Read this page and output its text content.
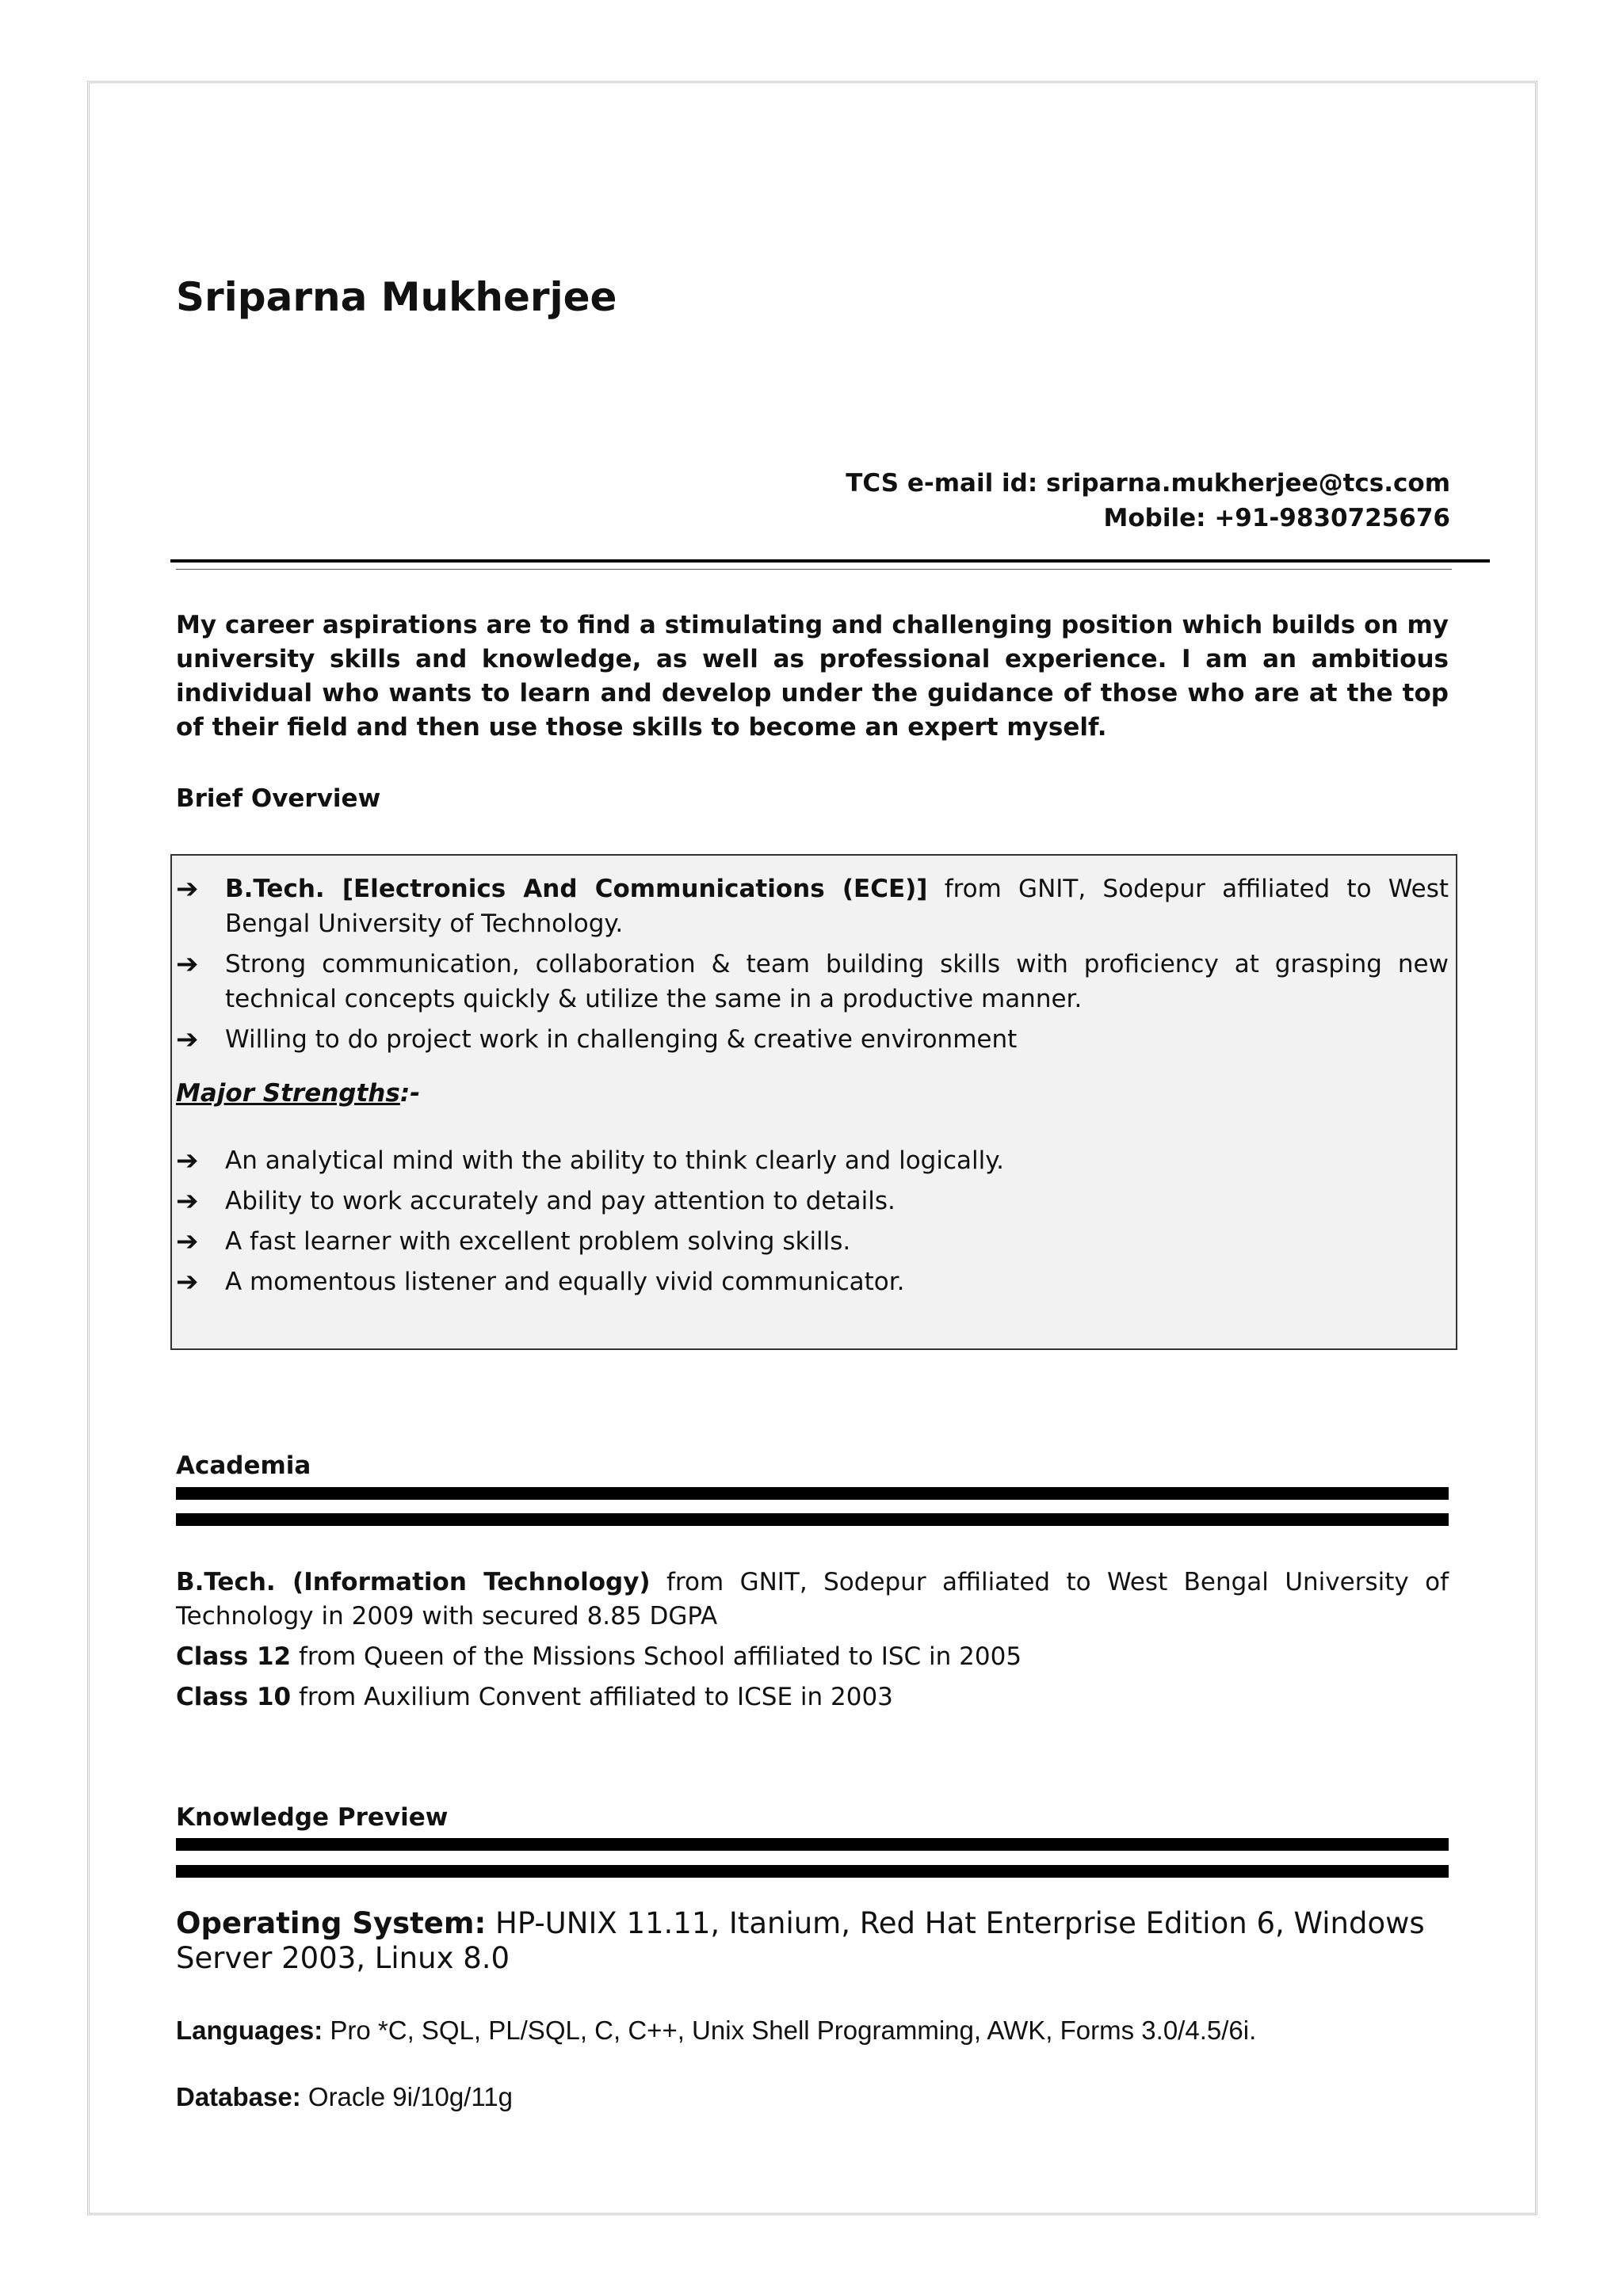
Sriparna Mukherjee
TCS e-mail id: sriparna.mukherjee@tcs.com
Mobile: +91-9830725676
My career aspirations are to find a stimulating and challenging position which builds on my university skills and knowledge, as well as professional experience. I am an ambitious individual who wants to learn and develop under the guidance of those who are at the top of their field and then use those skills to become an expert myself.
Brief Overview
➔ B.Tech. [Electronics And Communications (ECE)] from GNIT, Sodepur affiliated to West Bengal University of Technology.
➔ Strong communication, collaboration & team building skills with proficiency at grasping new technical concepts quickly & utilize the same in a productive manner.
➔ Willing to do project work in challenging & creative environment
Major Strengths:-
➔ An analytical mind with the ability to think clearly and logically.
➔ Ability to work accurately and pay attention to details.
➔ A fast learner with excellent problem solving skills.
➔ A momentous listener and equally vivid communicator.
Academia
B.Tech. (Information Technology) from GNIT, Sodepur affiliated to West Bengal University of Technology in 2009 with secured 8.85 DGPA
Class 12 from Queen of the Missions School affiliated to ISC in 2005
Class 10 from Auxilium Convent affiliated to ICSE in 2003
Knowledge Preview
Operating System: HP-UNIX 11.11, Itanium, Red Hat Enterprise Edition 6, Windows Server 2003, Linux 8.0
Languages: Pro *C, SQL, PL/SQL, C, C++, Unix Shell Programming, AWK, Forms 3.0/4.5/6i.
Database: Oracle 9i/10g/11g
